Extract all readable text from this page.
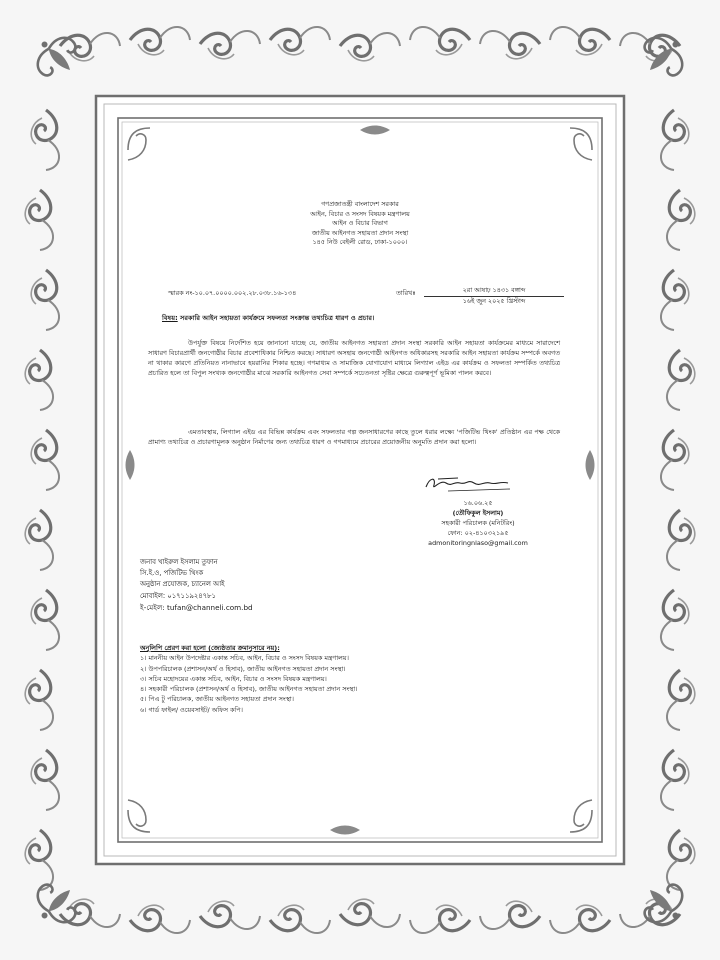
গণপ্রজাতন্ত্রী বাংলাদেশ সরকার
আইন, বিচার ও সংসদ বিষয়ক মন্ত্রণালয়
আইন ও বিচার বিভাগ
জাতীয় আইনগত সহায়তা প্রদান সংস্থা
১৪৫ নিউ বেইলী রোড, ঢাকা-১০০০।
স্মারক নং-১০.০৭.০০০০.০০২.২৮.০৩৮.১৬-১৩৪	তারিখঃ	২রা আষাঢ় ১৪৩১ বঙ্গাব্দ
১৬ই জুন ২০২৫ খ্রিস্টাব্দ
বিষয়: সরকারি আইন সহায়তা কার্যক্রমে সফলতা সংক্রান্ত তথ্যচিত্র ধারণ ও প্রচার।

উপর্যুক্ত বিষয়ে নির্দেশিত হয়ে জানানো যাচ্ছে যে, জাতীয় আইনগত সহায়তা প্রদান সংস্থা সরকারি আইন সহায়তা কার্যক্রমের মাধ্যমে সারাদেশে সাধারণ বিচারপ্রার্থী জনগোষ্ঠীর বিচার প্রবেশাধিকার নিশ্চিত করছে। সাধারণ অসহায় জনগোষ্ঠী আইনগত অধিকারসহ সরকারি আইন সহায়তা কার্যক্রম সম্পর্কে অবগত না থাকার কারণে প্রতিনিয়ত নানাভাবে হয়রানির শিকার হচ্ছে। গণমাধ্যম ও সামাজিক যোগাযোগ মাধ্যমে লিগ্যাল এইড এর কার্যক্রম ও সফলতা সম্পর্কিত তথ্যচিত্র প্রচারিত হলে তা বিপুল সংখ্যক জনগোষ্ঠীর মাঝে সরকারি আইনগত সেবা সম্পর্কে সচেতনতা সৃষ্টির ক্ষেত্রে গুরুত্বপূর্ণ ভূমিকা পালন করবে।

এমতাবস্থায়, লিগ্যাল এইড এর বিভিন্ন কার্যক্রম এবং সফলতার গল্প জনসাধারণের কাছে তুলে ধরার লক্ষ্যে 'পজিটিভ থিংক' প্রতিষ্ঠান এর পক্ষ থেকে প্রামাণ্য তথ্যচিত্র ও প্রচারণামূলক অনুষ্ঠান নির্মাণের জন্য তথ্যচিত্র ধারণ ও গণমাধ্যমে প্রচারের প্রয়োজনীয় অনুমতি প্রদান করা হলো।

১৬.০৬.২৫
(তৌফিকুল ইসলাম)
সহকারী পরিচালক (মনিটরিং)
ফোন: ০২-৪১০৩২১৯৫
admonitoringnlaso@gmail.com
জনাব খাইরুল ইসলাম তুফান
সি.ই.ও, পজিটিভ থিংক
অনুষ্ঠান প্রযোজক, চ্যানেল আই
মোবাইল: ০১৭১১৯২৪৭৮১
ই-মেইল: tufan@channeli.com.bd
অনুলিপি প্রেরণ করা হলো (জ্যেষ্ঠতার ক্রমানুসারে নয়):
১। মাননীয় আইন উপদেষ্টার একান্ত সচিব, আইন, বিচার ও সংসদ বিষয়ক মন্ত্রণালয়।
২। উপপরিচালক (প্রশাসন/অর্থ ও হিসাব), জাতীয় আইনগত সহায়তা প্রদান সংস্থা।
৩। সচিব মহোদয়ের একান্ত সচিব, আইন, বিচার ও সংসদ বিষয়ক মন্ত্রণালয়।
৪। সহকারী পরিচালক (প্রশাসন/অর্থ ও হিসাব), জাতীয় আইনগত সহায়তা প্রদান সংস্থা।
৫। পিএ টু পরিচালক, জাতীয় আইনগত সহায়তা প্রদান সংস্থা।
৬। গার্ড ফাইল/ ওয়েবসাইট/ অফিস কপি।
